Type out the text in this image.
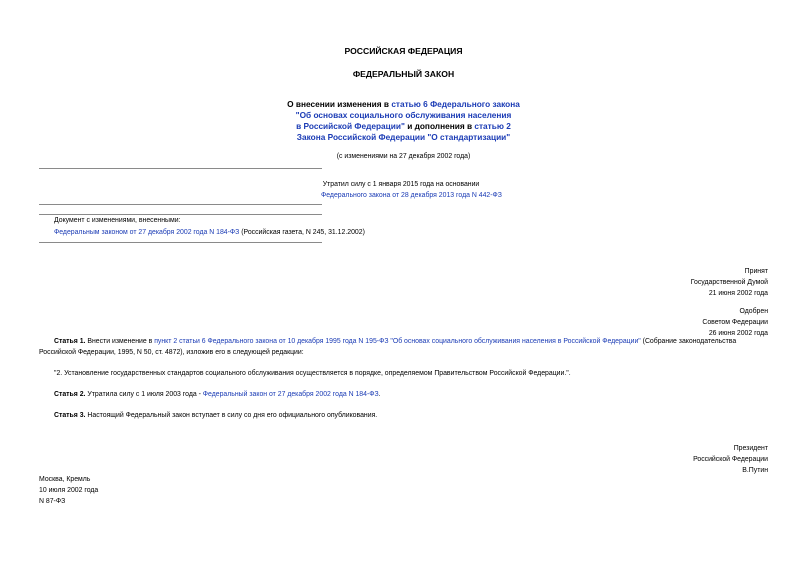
РОССИЙСКАЯ ФЕДЕРАЦИЯ
ФЕДЕРАЛЬНЫЙ ЗАКОН
О внесении изменения в статью 6 Федерального закона
"Об основах социального обслуживания населения
в Российской Федерации" и дополнения в статью 2
Закона Российской Федерации "О стандартизации"
(с изменениями на 27 декабря 2002 года)
Утратил силу с 1 января 2015 года на основании
Федерального закона от 28 декабря 2013 года N 442-ФЗ
Документ с изменениями, внесенными:
Федеральным законом от 27 декабря 2002 года N 184-ФЗ (Российская газета, N 245, 31.12.2002)
Принят
Государственной Думой
21 июня 2002 года
Одобрен
Советом Федерации
26 июня 2002 года
Статья 1. Внести изменение в пункт 2 статьи 6 Федерального закона от 10 декабря 1995 года N 195-ФЗ "Об основах социального обслуживания населения в Российской Федерации" (Собрание законодательства
Российской Федерации, 1995, N 50, ст. 4872), изложив его в следующей редакции:
"2. Установление государственных стандартов социального обслуживания осуществляется в порядке, определяемом Правительством Российской Федерации.".
Статья 2. Утратила силу с 1 июля 2003 года - Федеральный закон от 27 декабря 2002 года N 184-ФЗ.
Статья 3. Настоящий Федеральный закон вступает в силу со дня его официального опубликования.
Президент
Российской Федерации
В.Путин
Москва, Кремль
10 июля 2002 года
N 87-ФЗ
